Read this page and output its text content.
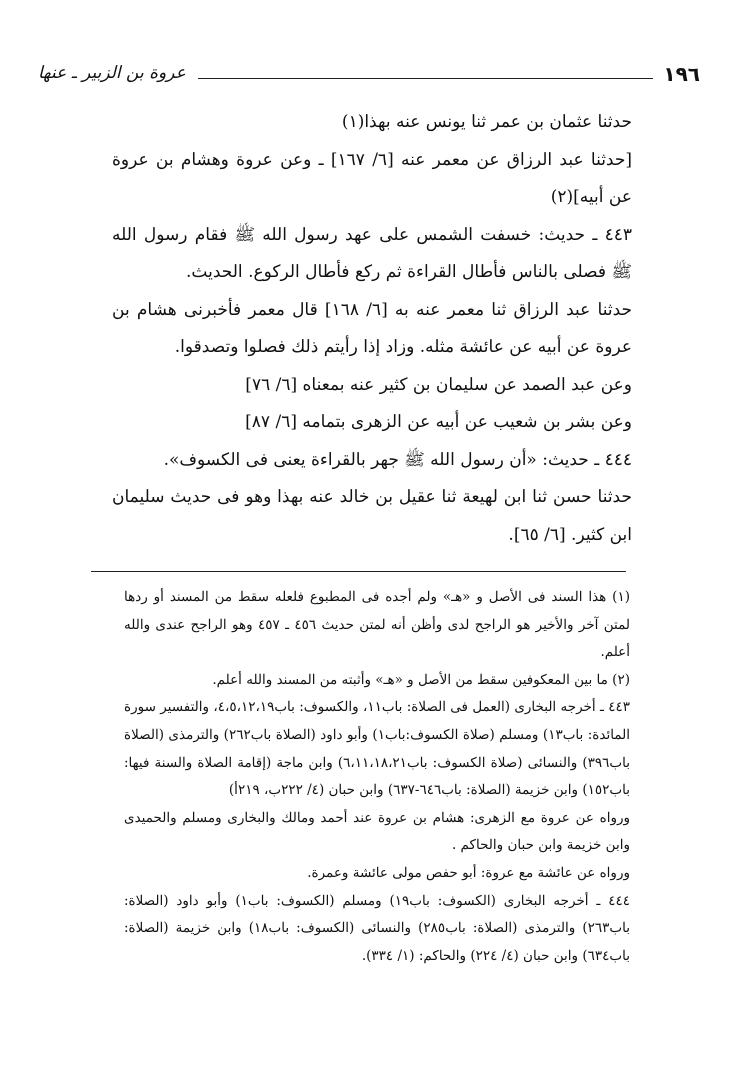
عروة بن الزبير ـ عنها	١٩٦

حدثنا عثمان بن عمر ثنا يونس عنه بهذا(١)

[حدثنا عبد الرزاق عن معمر عنه [٦/ ١٦٧] ـ وعن عروة وهشام بن عروة عن أبيه](٢)

٤٤٣ ـ حديث: خسفت الشمس على عهد رسول الله ﷺ فقام رسول الله ﷺ فصلى بالناس فأطال القراءة ثم ركع فأطال الركوع. الحديث.

حدثنا عبد الرزاق ثنا معمر عنه به [٦/ ١٦٨] قال معمر فأخبرنى هشام بن عروة عن أبيه عن عائشة مثله. وزاد إذا رأيتم ذلك فصلوا وتصدقوا.

وعن عبد الصمد عن سليمان بن كثير عنه بمعناه [٦/ ٧٦]

وعن بشر بن شعيب عن أبيه عن الزهرى بتمامه [٦/ ٨٧]

٤٤٤ ـ حديث: «أن رسول الله ﷺ جهر بالقراءة يعنى فى الكسوف».

حدثنا حسن ثنا ابن لهيعة ثنا عقيل بن خالد عنه بهذا وهو فى حديث سليمان ابن كثير. [٦/ ٦٥].

(١) هذا السند فى الأصل و «هـ» ولم أجده فى المطبوع فلعله سقط من المسند أو ردها لمتن آخر والأخير هو الراجح لدى وأظن أنه لمتن حديث ٤٥٦ ـ ٤٥٧ وهو الراجح عندى والله أعلم.

(٢) ما بين المعكوفين سقط من الأصل و «هـ» وأثبته من المسند والله أعلم.

٤٤٣ ـ أخرجه البخارى (العمل فى الصلاة: باب١١، والكسوف: باب٤،٥،١٢،١٩، والتفسير سورة المائدة: باب١٣) ومسلم (صلاة الكسوف:باب١) وأبو داود (الصلاة باب٢٦٢) والترمذى (الصلاة باب٣٩٦) والنسائى (صلاة الكسوف: باب٦،١١،١٨،٢١) وابن ماجة (إقامة الصلاة والسنة فيها: باب١٥٢) وابن خزيمة (الصلاة: باب٦٤٦-٦٣٧) وابن حبان (٤/ ٢٢٢ب، ٢١٩أ)

ورواه عن عروة مع الزهرى: هشام بن عروة عند أحمد ومالك والبخارى ومسلم والحميدى وابن خزيمة وابن حبان والحاكم .

ورواه عن عائشة مع عروة: أبو حفص مولى عائشة وعمرة.

٤٤٤ ـ أخرجه البخارى (الكسوف: باب١٩) ومسلم (الكسوف: باب١) وأبو داود (الصلاة: باب٢٦٣) والترمذى (الصلاة: باب٢٨٥) والنسائى (الكسوف: باب١٨) وابن خزيمة (الصلاة: باب٦٣٤) وابن حبان (٤/ ٢٢٤) والحاكم: (١/ ٣٣٤).
